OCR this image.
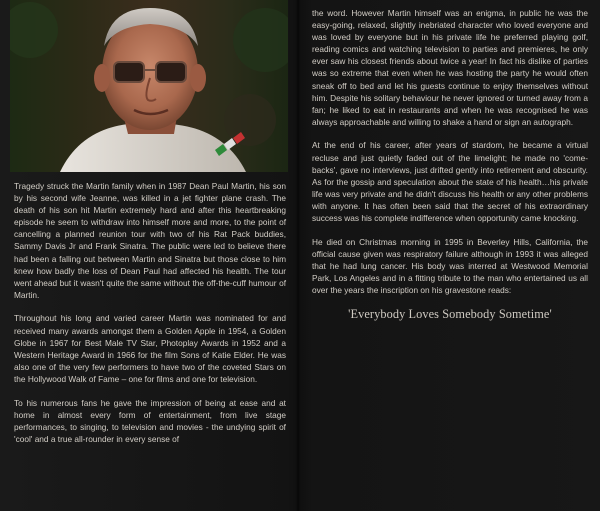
Tragedy struck the Martin family when in 1987 Dean Paul Martin, his son by his second wife Jeanne, was killed in a jet fighter plane crash. The death of his son hit Martin extremely hard and after this heartbreaking episode he seem to withdraw into himself more and more, to the point of cancelling a planned reunion tour with two of his Rat Pack buddies, Sammy Davis Jr and Frank Sinatra. The public were led to believe there had been a falling out between Martin and Sinatra but those close to him knew how badly the loss of Dean Paul had affected his health. The tour went ahead but it wasn't quite the same without the off-the-cuff humour of Martin.

Throughout his long and varied career Martin was nominated for and received many awards amongst them a Golden Apple in 1954, a Golden Globe in 1967 for Best Male TV Star, Photoplay Awards in 1952 and a Western Heritage Award in 1966 for the film Sons of Katie Elder. He was also one of the very few performers to have two of the coveted Stars on the Hollywood Walk of Fame – one for films and one for television.

To his numerous fans he gave the impression of being at ease and at home in almost every form of entertainment, from live stage performances, to singing, to television and movies - the undying spirit of 'cool' and a true all-rounder in every sense of

the word. However Martin himself was an enigma, in public he was the easy-going, relaxed, slightly inebriated character who loved everyone and was loved by everyone but in his private life he preferred playing golf, reading comics and watching television to parties and premieres, he only ever saw his closest friends about twice a year! In fact his dislike of parties was so extreme that even when he was hosting the party he would often sneak off to bed and let his guests continue to enjoy themselves without him. Despite his solitary behaviour he never ignored or turned away from a fan; he liked to eat in restaurants and when he was recognised he was always approachable and willing to shake a hand or sign an autograph.

At the end of his career, after years of stardom, he became a virtual recluse and just quietly faded out of the limelight; he made no 'come-backs', gave no interviews, just drifted gently into retirement and obscurity. As for the gossip and speculation about the state of his health…his private life was very private and he didn't discuss his health or any other problems with anyone. It has often been said that the secret of his extraordinary success was his complete indifference when opportunity came knocking.

He died on Christmas morning in 1995 in Beverley Hills, California, the official cause given was respiratory failure although in 1993 it was alleged that he had lung cancer. His body was interred at Westwood Memorial Park, Los Angeles and in a fitting tribute to the man who entertained us all over the years the inscription on his gravestone reads:

'Everybody Loves Somebody Sometime'
